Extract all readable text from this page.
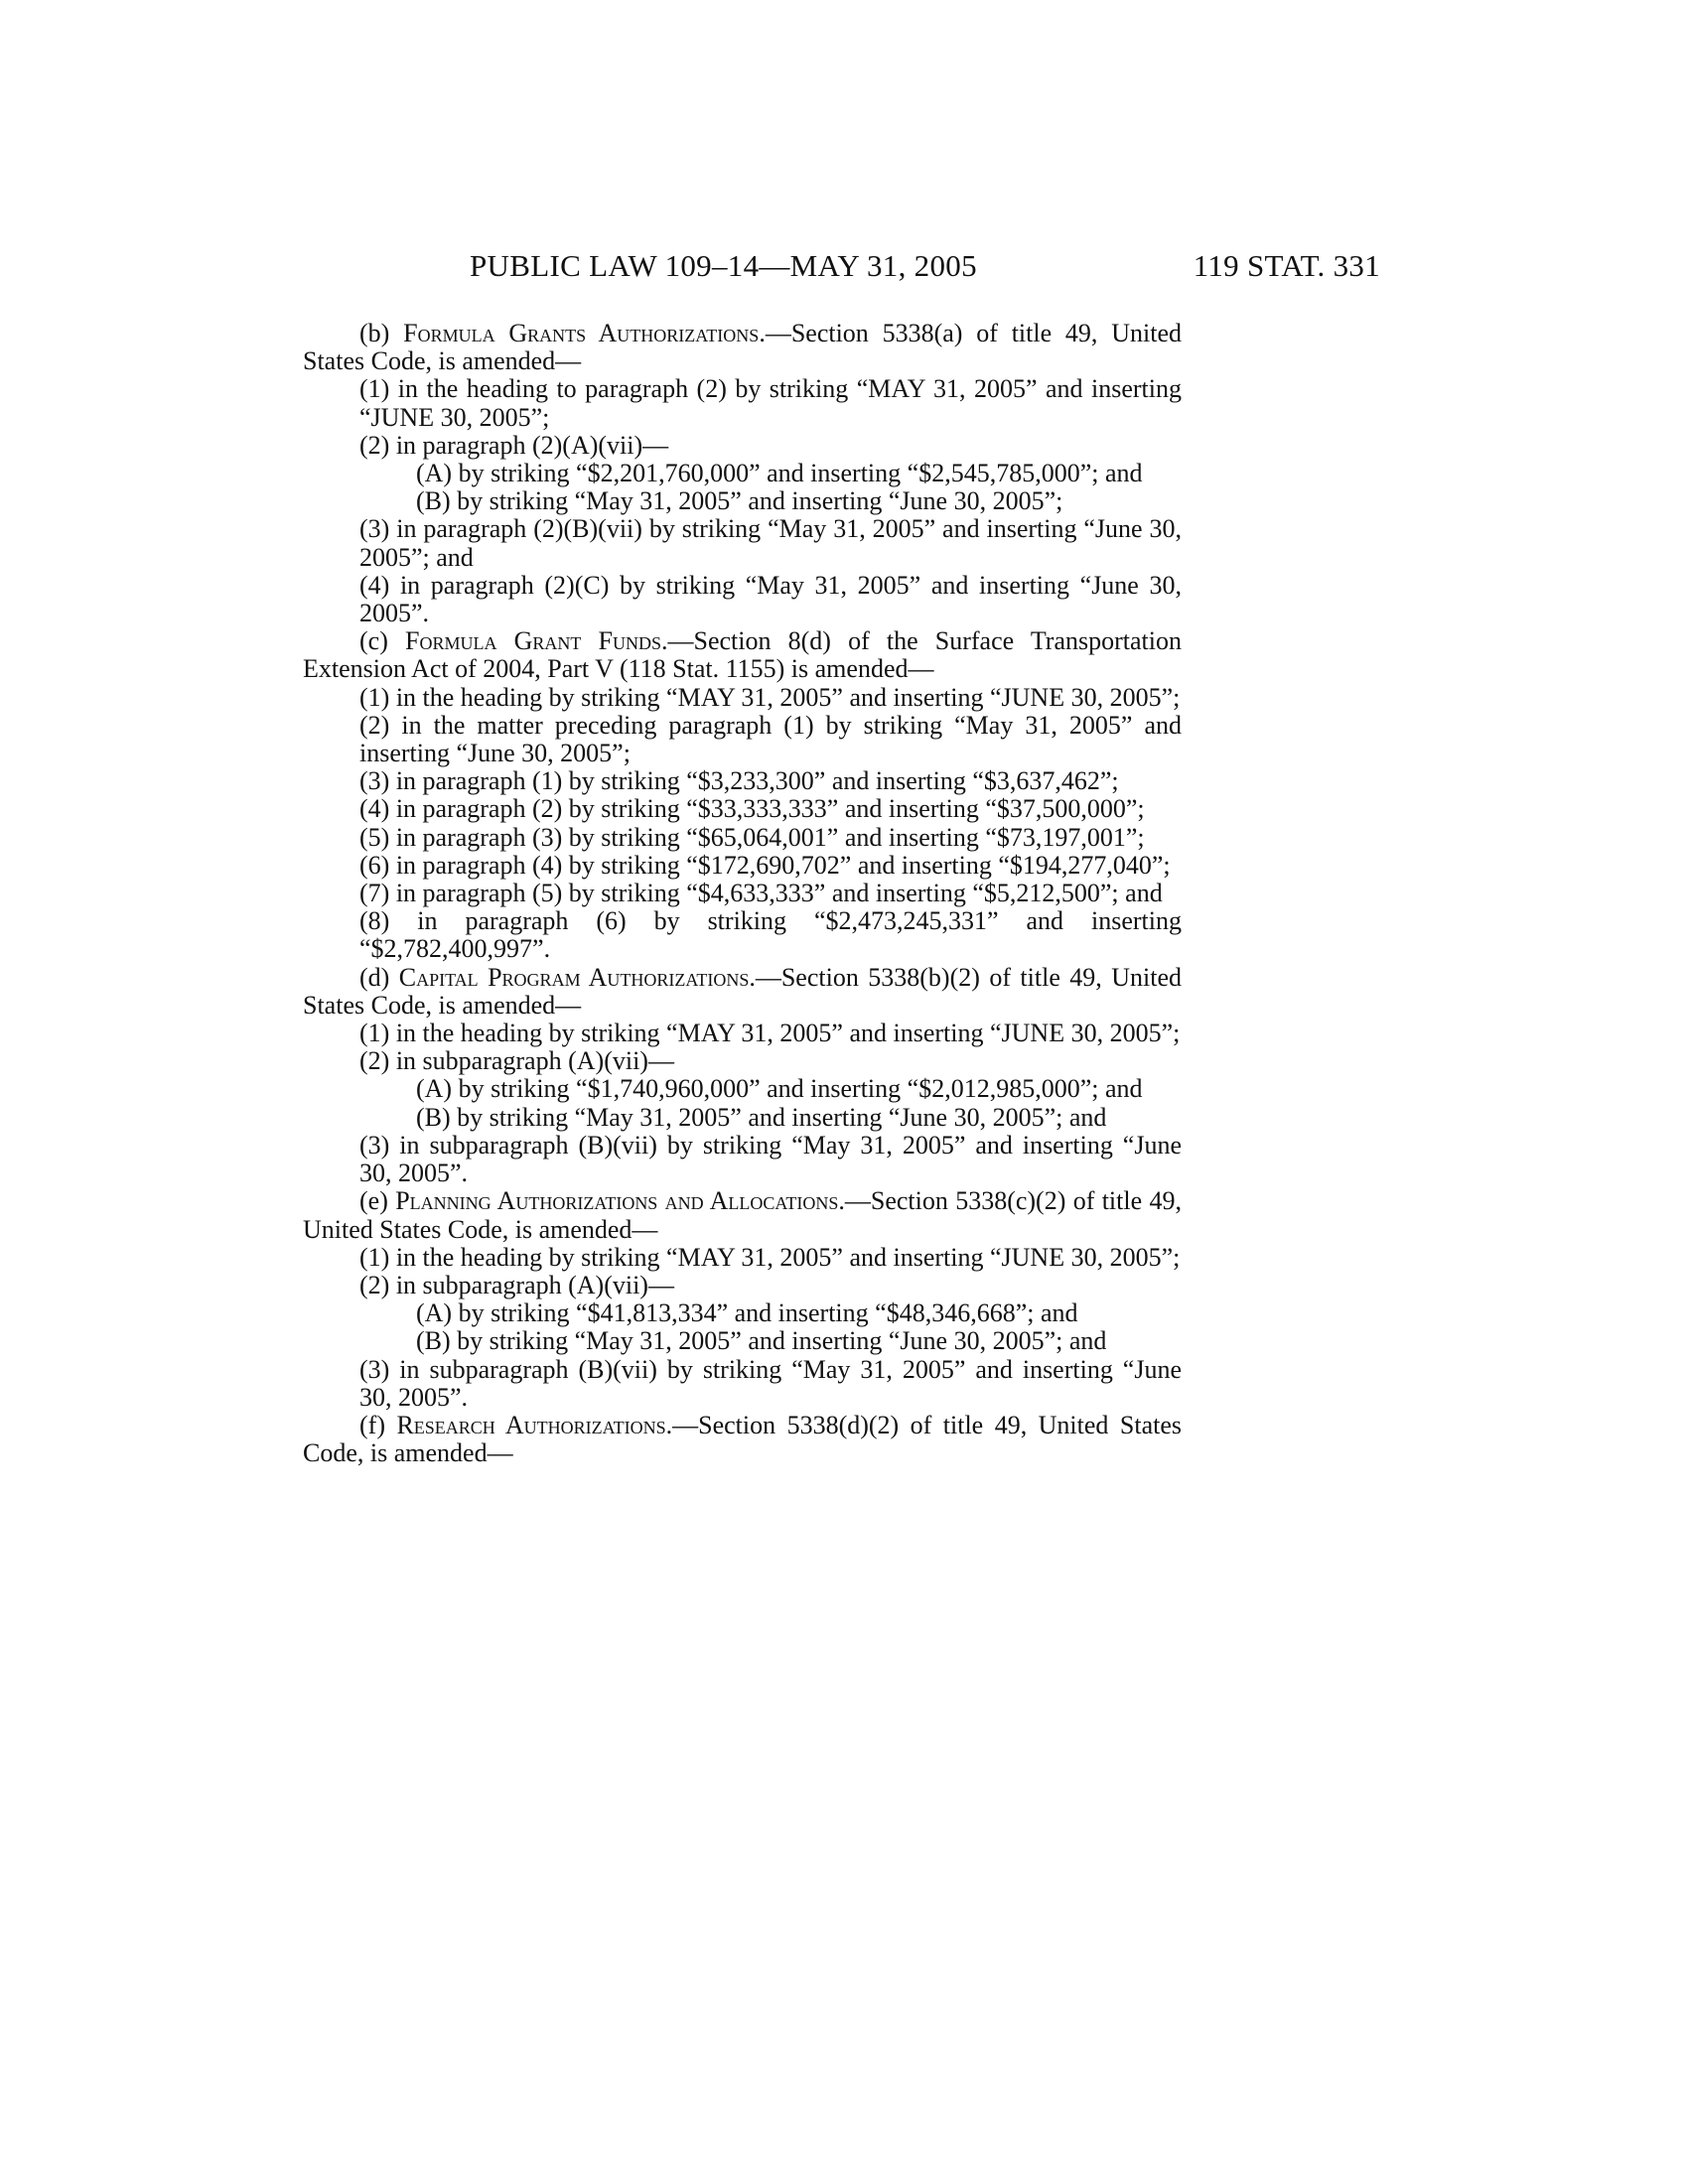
PUBLIC LAW 109–14—MAY 31, 2005	119 STAT. 331

(b) Formula Grants Authorizations.—Section 5338(a) of title 49, United States Code, is amended—

(1) in the heading to paragraph (2) by striking “MAY 31, 2005” and inserting “JUNE 30, 2005”;

(2) in paragraph (2)(A)(vii)—

(A) by striking “$2,201,760,000” and inserting “$2,545,785,000”; and

(B) by striking “May 31, 2005” and inserting “June 30, 2005”;

(3) in paragraph (2)(B)(vii) by striking “May 31, 2005” and inserting “June 30, 2005”; and

(4) in paragraph (2)(C) by striking “May 31, 2005” and inserting “June 30, 2005”.

(c) Formula Grant Funds.—Section 8(d) of the Surface Transportation Extension Act of 2004, Part V (118 Stat. 1155) is amended—

(1) in the heading by striking “MAY 31, 2005” and inserting “JUNE 30, 2005”;

(2) in the matter preceding paragraph (1) by striking “May 31, 2005” and inserting “June 30, 2005”;

(3) in paragraph (1) by striking “$3,233,300” and inserting “$3,637,462”;

(4) in paragraph (2) by striking “$33,333,333” and inserting “$37,500,000”;

(5) in paragraph (3) by striking “$65,064,001” and inserting “$73,197,001”;

(6) in paragraph (4) by striking “$172,690,702” and inserting “$194,277,040”;

(7) in paragraph (5) by striking “$4,633,333” and inserting “$5,212,500”; and

(8) in paragraph (6) by striking “$2,473,245,331” and inserting “$2,782,400,997”.

(d) Capital Program Authorizations.—Section 5338(b)(2) of title 49, United States Code, is amended—

(1) in the heading by striking “MAY 31, 2005” and inserting “JUNE 30, 2005”;

(2) in subparagraph (A)(vii)—

(A) by striking “$1,740,960,000” and inserting “$2,012,985,000”; and

(B) by striking “May 31, 2005” and inserting “June 30, 2005”; and

(3) in subparagraph (B)(vii) by striking “May 31, 2005” and inserting “June 30, 2005”.

(e) Planning Authorizations and Allocations.—Section 5338(c)(2) of title 49, United States Code, is amended—

(1) in the heading by striking “MAY 31, 2005” and inserting “JUNE 30, 2005”;

(2) in subparagraph (A)(vii)—

(A) by striking “$41,813,334” and inserting “$48,346,668”; and

(B) by striking “May 31, 2005” and inserting “June 30, 2005”; and

(3) in subparagraph (B)(vii) by striking “May 31, 2005” and inserting “June 30, 2005”.

(f) Research Authorizations.—Section 5338(d)(2) of title 49, United States Code, is amended—
